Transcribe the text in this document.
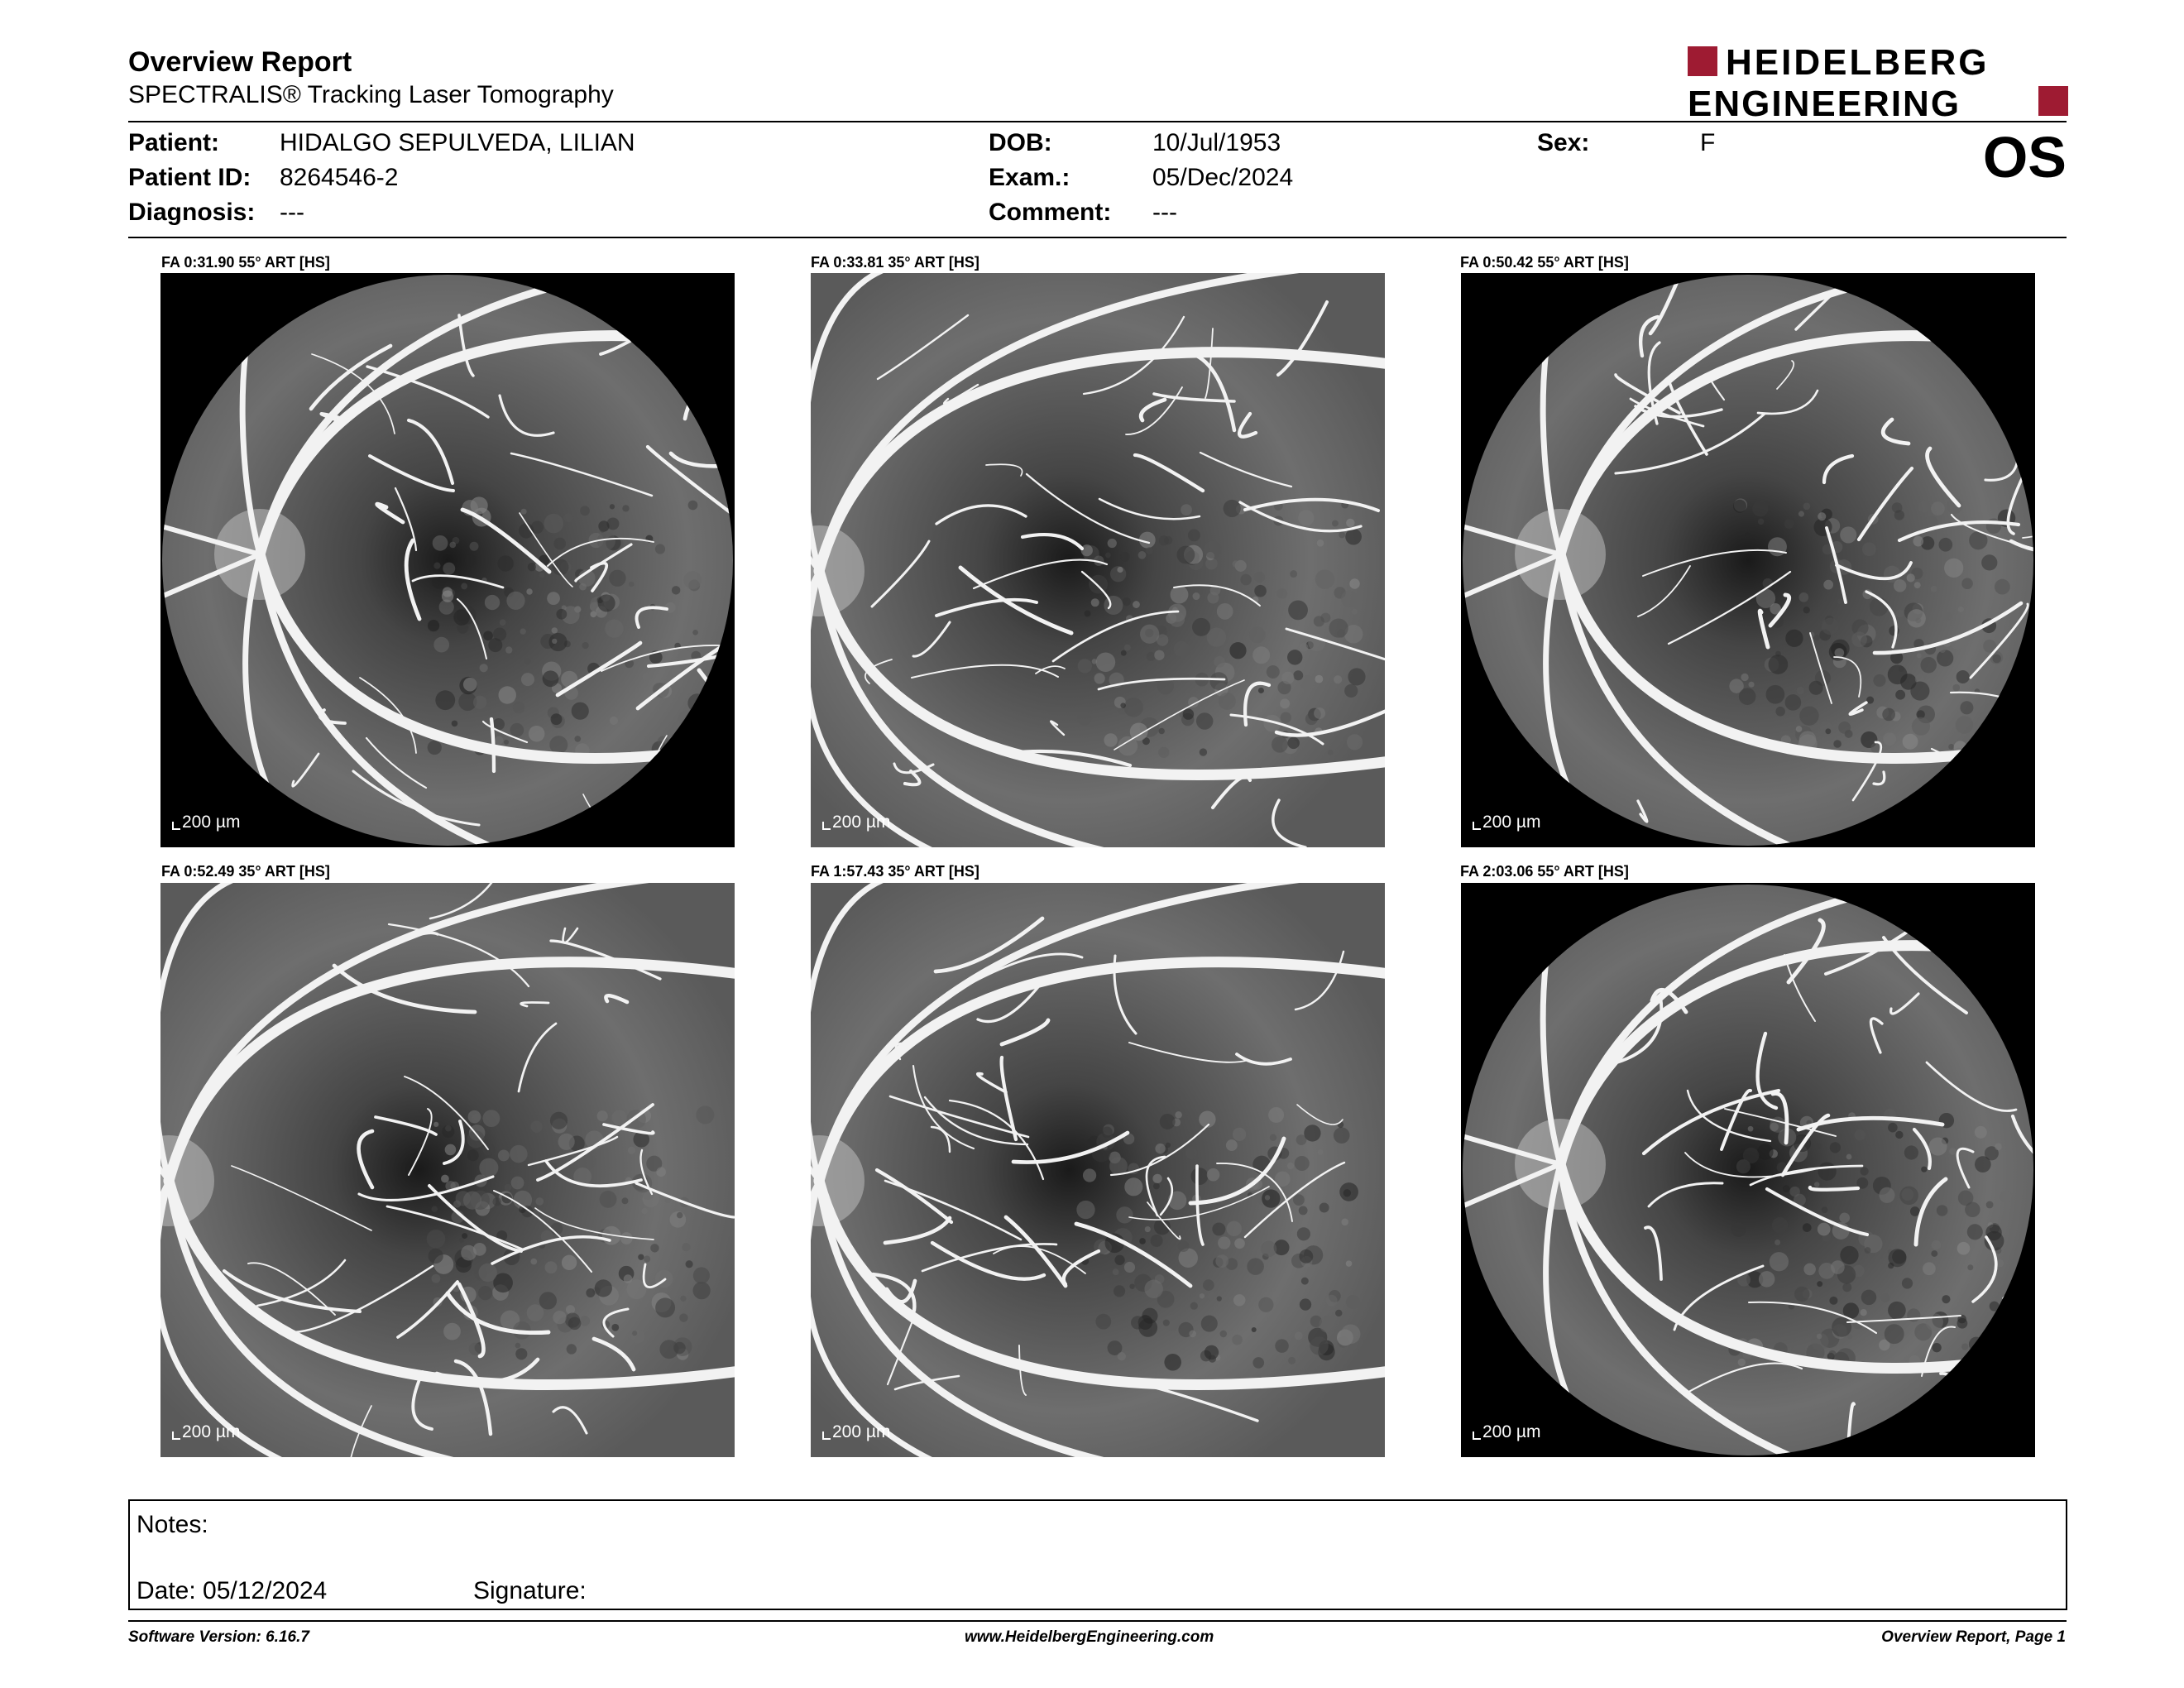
Overview Report
SPECTRALIS® Tracking Laser Tomography
HEIDELBERG
ENGINEERING
Patient: HIDALGO SEPULVEDA, LILIAN
Patient ID: 8264546-2
Diagnosis: ---
DOB:	10/Jul/1953
Exam.:	05/Dec/2024
Comment: ---
Sex:	F	OS
FA 0:31.90 55° ART [HS]
200 µm
FA 0:33.81 35° ART [HS]
200 µm
FA 0:50.42 55° ART [HS]
200 µm
FA 0:52.49 35° ART [HS]
200 µm
FA 1:57.43 35° ART [HS]
200 µm
FA 2:03.06 55° ART [HS]
200 µm
Notes:
Date: 05/12/2024	Signature:
Software Version: 6.16.7	www.HeidelbergEngineering.com	Overview Report, Page 1
